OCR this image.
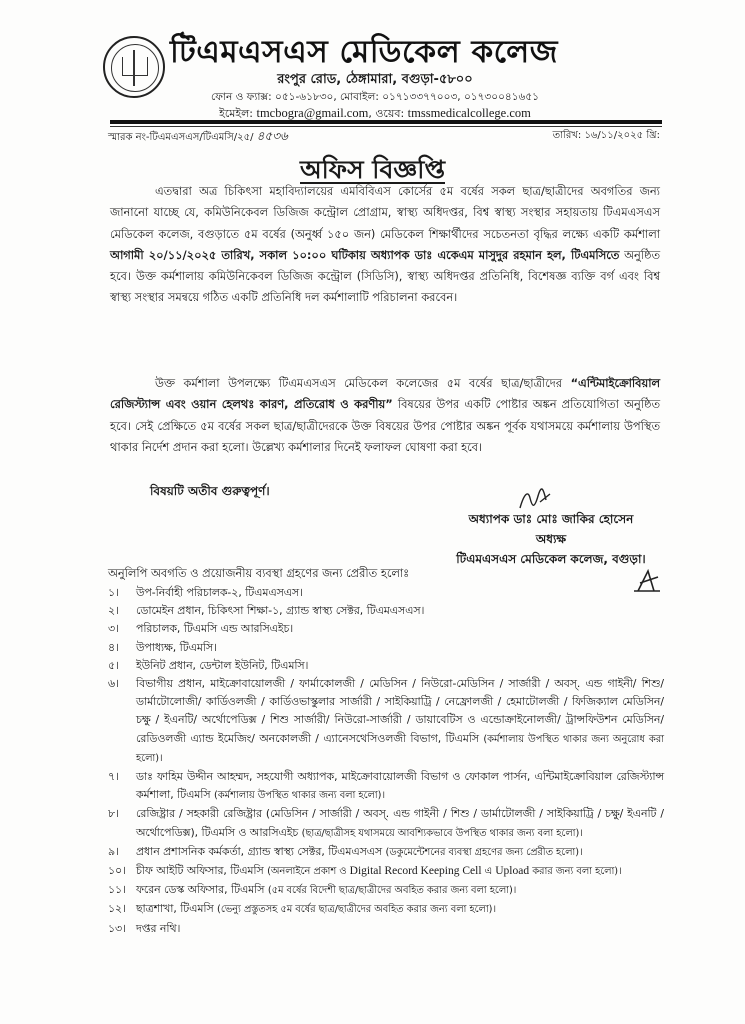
টিএমএসএস মেডিকেল কলেজ
রংপুর রোড, ঠেঙ্গামারা, বগুড়া-৫৮০০
ফোন ও ফ্যাক্স: ০৫১-৬১৮৩০, মোবাইল: ০১৭১৩৩৭৭০০৩, ০১৭৩০০৪১৬৫১
ইমেইল: tmcbogra@gmail.com, ওয়েব: tmssmedicalcollege.com
স্মারক নং-টিএমএসএস/টিএমসি/২৫/ ৪৫৩৬	তারিখ: ১৬/১১/২০২৫ খ্রি:
অফিস বিজ্ঞপ্তি
এতদ্বারা অত্র চিকিৎসা মহাবিদ্যালয়ের এমবিবিএস কোর্সের ৫ম বর্ষের সকল ছাত্র/ছাত্রীদের অবগতির জন্য জানানো যাচ্ছে যে, কমিউনিকেবল ডিজিজ কন্ট্রোল প্রোগ্রাম, স্বাস্থ্য অধিদপ্তর, বিশ্ব স্বাস্থ্য সংস্থার সহায়তায় টিএমএসএস মেডিকেল কলেজ, বগুড়াতে ৫ম বর্ষের (অনুর্ধ্ব ১৫০ জন) মেডিকেল শিক্ষার্থীদের সচেতনতা বৃদ্ধির লক্ষ্যে একটি কর্মশালা আগামী ২০/১১/২০২৫ তারিখ, সকাল ১০:০০ ঘটিকায় অধ্যাপক ডাঃ একেএম মাসুদুর রহমান হল, টিএমসিতে অনুষ্ঠিত হবে। উক্ত কর্মশালায় কমিউনিকেবল ডিজিজ কন্ট্রোল (সিডিসি), স্বাস্থ্য অধিদপ্তর প্রতিনিধি, বিশেষজ্ঞ ব্যক্তি বর্গ এবং বিশ্ব স্বাস্থ্য সংস্থার সমন্বয়ে গঠিত একটি প্রতিনিধি দল কর্মশালাটি পরিচালনা করবেন।
উক্ত কর্মশালা উপলক্ষ্যে টিএমএসএস মেডিকেল কলেজের ৫ম বর্ষের ছাত্র/ছাত্রীদের “এন্টিমাইক্রোবিয়াল রেজিস্ট্যান্স এবং ওয়ান হেলথঃ কারণ, প্রতিরোধ ও করণীয়” বিষয়ের উপর একটি পোষ্টার অঙ্কন প্রতিযোগিতা অনুষ্ঠিত হবে। সেই প্রেক্ষিতে ৫ম বর্ষের সকল ছাত্র/ছাত্রীদেরকে উক্ত বিষয়ের উপর পোষ্টার অঙ্কন পূর্বক যথাসময়ে কর্মশালায় উপস্থিত থাকার নির্দেশ প্রদান করা হলো। উল্লেখ্য কর্মশালার দিনেই ফলাফল ঘোষণা করা হবে।
বিষয়টি অতীব গুরুত্বপূর্ণ।
অধ্যাপক ডাঃ মোঃ জাকির হোসেন
অধ্যক্ষ
টিএমএসএস মেডিকেল কলেজ, বগুড়া।
অনুলিপি অবগতি ও প্রয়োজনীয় ব্যবস্থা গ্রহণের জন্য প্রেরীত হলোঃ
১। উপ-নির্বাহী পরিচালক-২, টিএমএসএস।
২। ডোমেইন প্রধান, চিকিৎসা শিক্ষা-১, গ্র্যান্ড স্বাস্থ্য সেক্টর, টিএমএসএস।
৩। পরিচালক, টিএমসি এন্ড আরসিএইচ।
৪। উপাধ্যক্ষ, টিএমসি।
৫। ইউনিট প্রধান, ডেন্টাল ইউনিট, টিএমসি।
৬। বিভাগীয় প্রধান, মাইক্রোবায়োলজী / ফার্মাকোলজী / মেডিসিন / নিউরো-মেডিসিন / সার্জারী / অবস্. এন্ড গাইনী/ শিশু/ ডার্মাটোলোজী/ কার্ডিওলজী / কার্ডিওভাস্কুলার সার্জারী / সাইকিয়াট্রি / নেফ্রোলজী / হেমাটোলজী / ফিজিক্যাল মেডিসিন/ চক্ষু / ইএনটি/ অর্থোপেডিক্স / শিশু সার্জারী/ নিউরো-সার্জারী / ডায়াবেটিস ও এন্ডোক্রাইনোলজী/ ট্রান্সফিউশন মেডিসিন/ রেডিওলজী এ্যান্ড ইমেজিং/ অনকোলজী / এ্যানেসথেসিওলজী বিভাগ, টিএমসি (কর্মশালায় উপস্থিত থাকার জন্য অনুরোধ করা হলো)।
৭। ডাঃ ফাহিম উদ্দীন আহম্মদ, সহযোগী অধ্যাপক, মাইক্রোবায়োলজী বিভাগ ও ফোকাল পার্সন, এন্টিমাইক্রোবিয়াল রেজিস্ট্যান্স কর্মশালা, টিএমসি (কর্মশালায় উপস্থিত থাকার জন্য বলা হলো)।
৮। রেজিষ্ট্রার / সহকারী রেজিষ্ট্রার (মেডিসিন / সার্জারী / অবস্. এন্ড গাইনী / শিশু / ডার্মাটোলজী / সাইকিয়াট্রি / চক্ষু/ ইএনটি / অর্থোপেডিক্স), টিএমসি ও আরসিএইচ (ছাত্র/ছাত্রীসহ যথাসময়ে আবশ্যিকভাবে উপস্থিত থাকার জন্য বলা হলো)।
৯। প্রধান প্রশাসনিক কর্মকর্তা, গ্র্যান্ড স্বাস্থ্য সেক্টর, টিএমএসএস (ডকুমেন্টেশনের ব্যবস্থা গ্রহণের জন্য প্রেরীত হলো)।
১০। চীফ আইটি অফিসার, টিএমসি (অনলাইনে প্রকাশ ও Digital Record Keeping Cell এ Upload করার জন্য বলা হলো)।
১১। ফরেন ডেস্ক অফিসার, টিএমসি (৫ম বর্ষের বিদেশী ছাত্র/ছাত্রীদের অবহিত করার জন্য বলা হলো)।
১২। ছাত্রশাখা, টিএমসি (ভেন্যু প্রস্তুতসহ ৫ম বর্ষের ছাত্র/ছাত্রীদের অবহিত করার জন্য বলা হলো)।
১৩। দপ্তর নথি।
